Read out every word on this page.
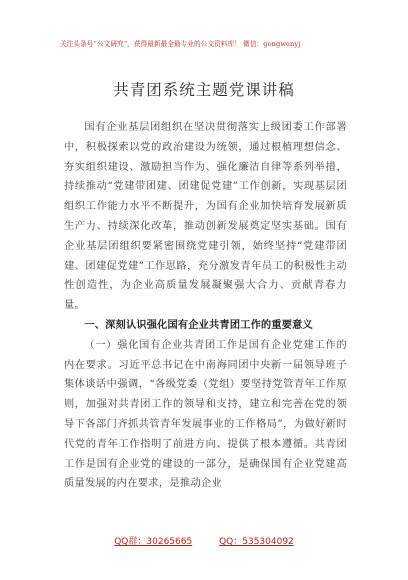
关注头条号“公文研究”，获得最新最全最专业的公文资料库！ 微信：gongwenyj
共青团系统主题党课讲稿

国有企业基层团组织在坚决贯彻落实上级团委工作部署中，积极探索以党的政治建设为统领，通过根植理想信念、夯实组织建设、激励担当作为、强化廉洁自律等系列举措，持续推动“党建带团建、团建促党建”工作创新，实现基层团组织工作能力水平不断提升，为国有企业加快培育发展新质生产力、持续深化改革，推动创新发展奠定坚实基础。国有企业基层团组织要紧密围绕党建引领，始终坚持“党建带团建、团建促党建”工作思路，充分激发青年员工的积极性主动性创造性，为企业高质量发展凝聚强大合力、贡献青春力量。

一、深刻认识强化国有企业共青团工作的重要意义

（一）强化国有企业共青团工作是国有企业党建工作的内在要求。习近平总书记在中南海同团中央新一届领导班子集体谈话中强调，“各级党委（党组）要坚持党管青年工作原则，加强对共青团工作的领导和支持，建立和完善在党的领导下各部门齐抓共管青年发展事业的工作格局”，为做好新时代党的青年工作指明了前进方向、提供了根本遵循。共青团工作是国有企业党的建设的一部分，是确保国有企业党建高质量发展的内在要求，是推动企业

QQ群：30265665	QQ：535304092
